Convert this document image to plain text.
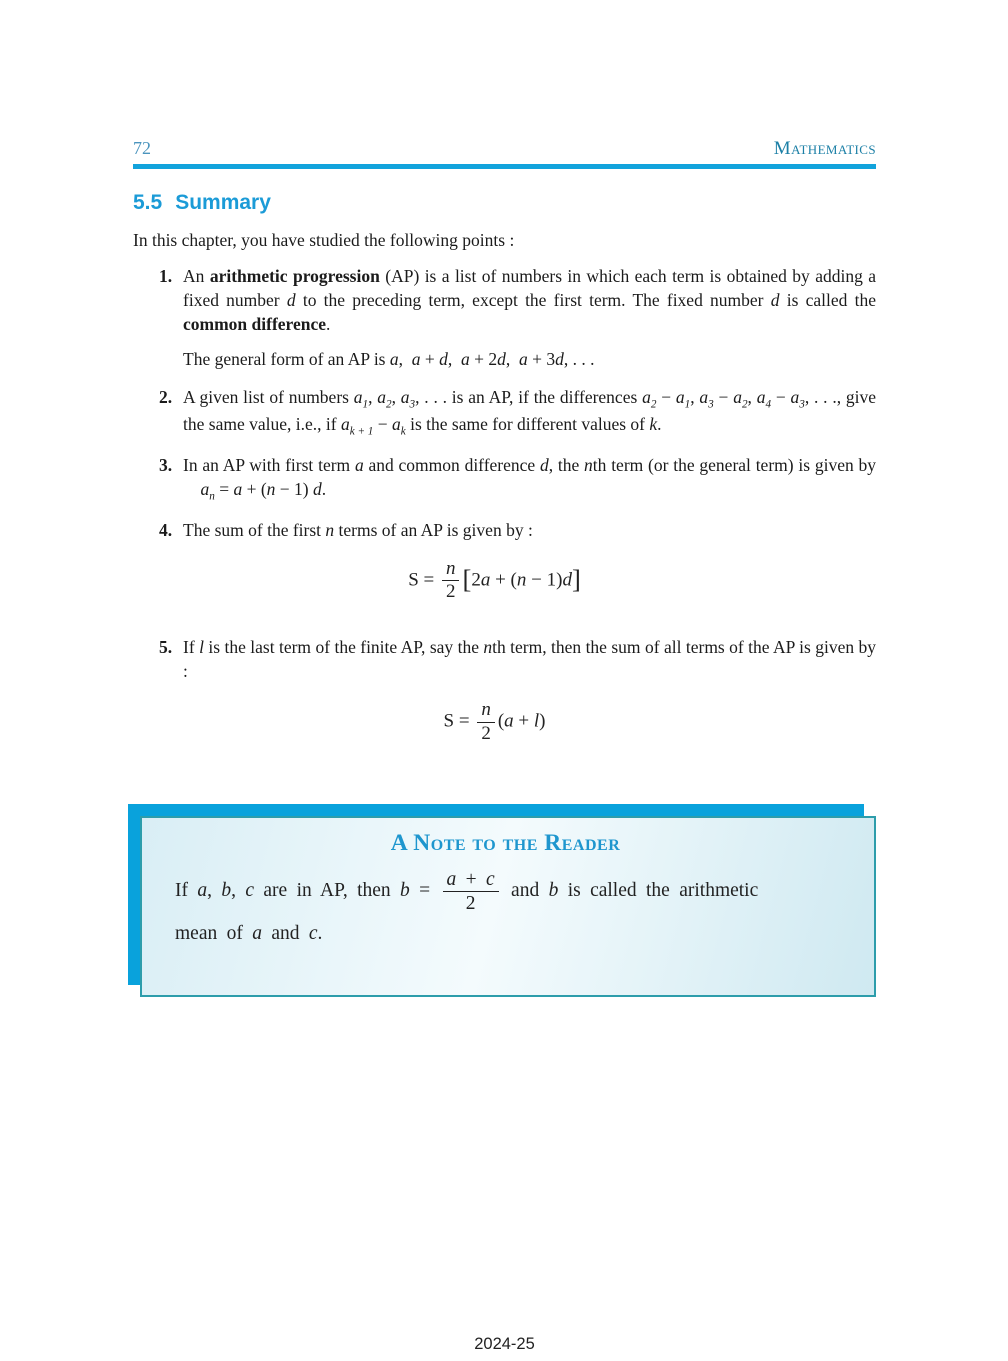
72	Mathematics
5.5 Summary

In this chapter, you have studied the following points :

1. An arithmetic progression (AP) is a list of numbers in which each term is obtained by adding a fixed number d to the preceding term, except the first term. The fixed number d is called the common difference.

The general form of an AP is a,  a + d,  a + 2d,  a + 3d, . . .

2. A given list of numbers $a_1$, $a_2$, $a_3$, . . . is an AP, if the differences $a_2 - a_1$, $a_3 - a_2$, $a_4 - a_3$, . . ., give the same value, i.e., if $a_{k + 1} - a_k$ is the same for different values of k.

3. In an AP with first term a and common difference d, the nth term (or the general term) is given by     $a_n = a + (n - 1)$ d.

4. The sum of the first n terms of an AP is given by :

$S = \frac{n}{2} [2a + (n - 1)d]$
5. If l is the last term of the finite AP, say the nth term, then the sum of all terms of the AP is given by :

$S = \frac{n}{2} (a + l)$
A Note to the Reader

If a, b, c are in AP, then $b = \frac{a + c}{2}$ and b is called the arithmetic
mean of a and c.

2024-25
